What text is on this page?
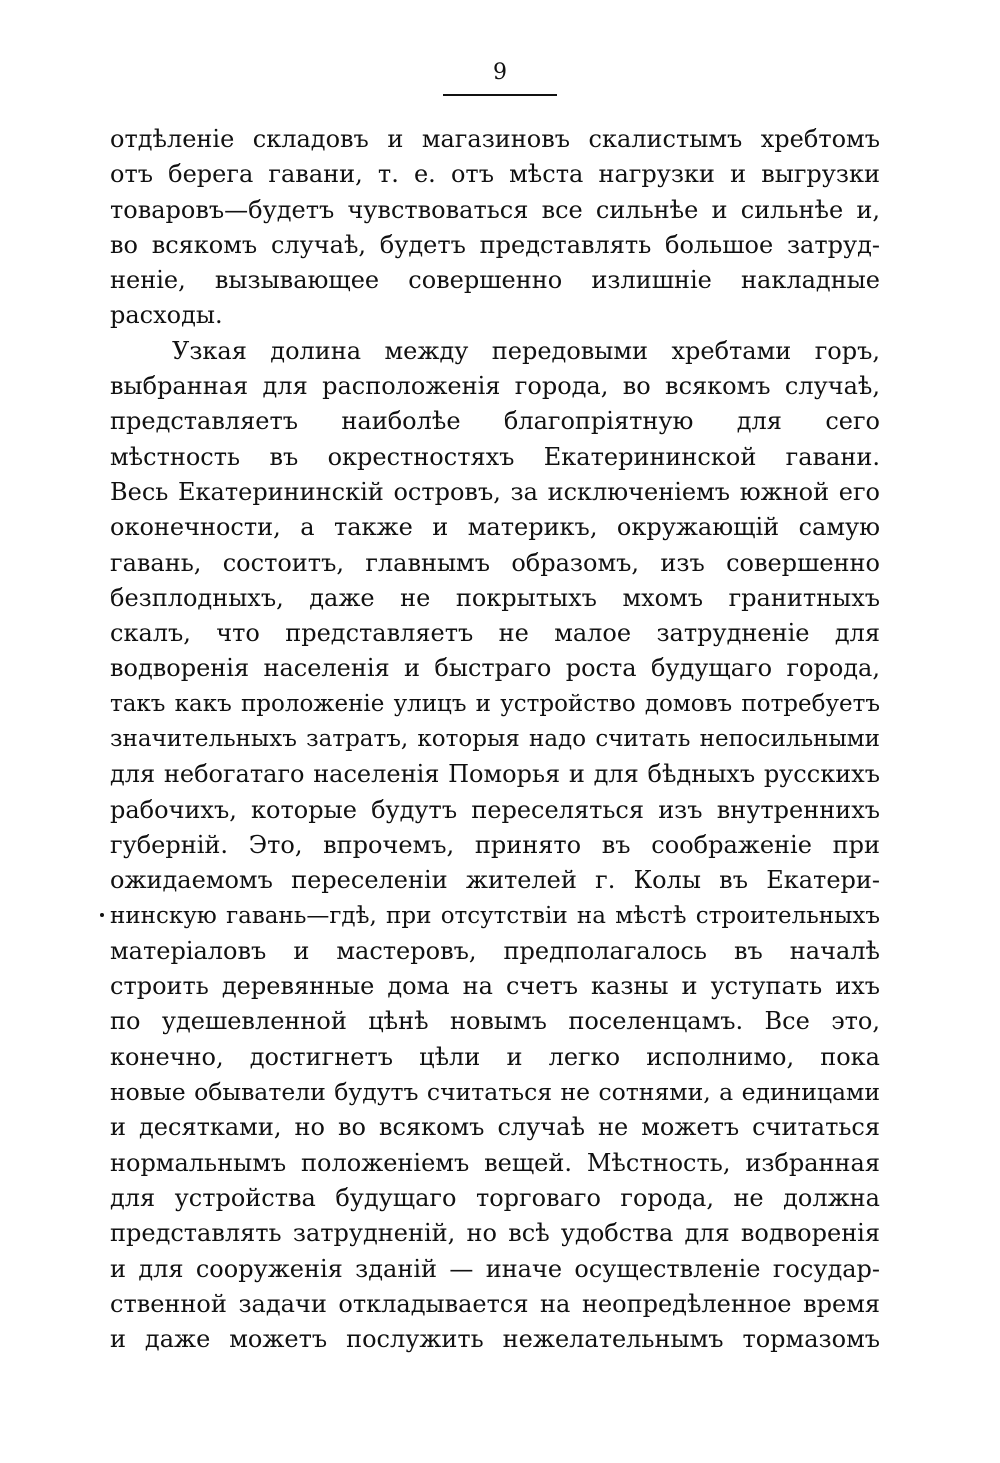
9
отдѣленіе складовъ и магазиновъ скалистымъ хребтомъ
отъ берега гавани, т. е. отъ мѣста нагрузки и выгрузки
товаровъ—будетъ чувствоваться все сильнѣе и сильнѣе и,
во всякомъ случаѣ, будетъ представлять большое затруд-
неніе, вызывающее совершенно излишніе накладные
расходы.
Узкая долина между передовыми хребтами горъ,
выбранная для расположенія города, во всякомъ случаѣ,
представляетъ наиболѣе благопріятную для сего
мѣстность въ окрестностяхъ Екатерининской гавани.
Весь Екатерининскій островъ, за исключеніемъ южной его
оконечности, а также и материкъ, окружающій самую
гавань, состоитъ, главнымъ образомъ, изъ совершенно
безплодныхъ, даже не покрытыхъ мхомъ гранитныхъ
скалъ, что представляетъ не малое затрудненіе для
водворенія населенія и быстраго роста будущаго города,
такъ какъ проложеніе улицъ и устройство домовъ потребуетъ
значительныхъ затратъ, которыя надо считать непосильными
для небогатаго населенія Поморья и для бѣдныхъ русскихъ
рабочихъ, которые будутъ переселяться изъ внутреннихъ
губерній. Это, впрочемъ, принято въ соображеніе при
ожидаемомъ переселеніи жителей г. Колы въ Екатери-
нинскую гавань—гдѣ, при отсутствіи на мѣстѣ строительныхъ
матеріаловъ и мастеровъ, предполагалось въ началѣ
строить деревянные дома на счетъ казны и уступать ихъ
по удешевленной цѣнѣ новымъ поселенцамъ. Все это,
конечно, достигнетъ цѣли и легко исполнимо, пока
новые обыватели будутъ считаться не сотнями, а единицами
и десятками, но во всякомъ случаѣ не можетъ считаться
нормальнымъ положеніемъ вещей. Мѣстность, избранная
для устройства будущаго торговаго города, не должна
представлять затрудненій, но всѣ удобства для водворенія
и для сооруженія зданій — иначе осуществленіе государ-
ственной задачи откладывается на неопредѣленное время
и даже можетъ послужить нежелательнымъ тормазомъ
